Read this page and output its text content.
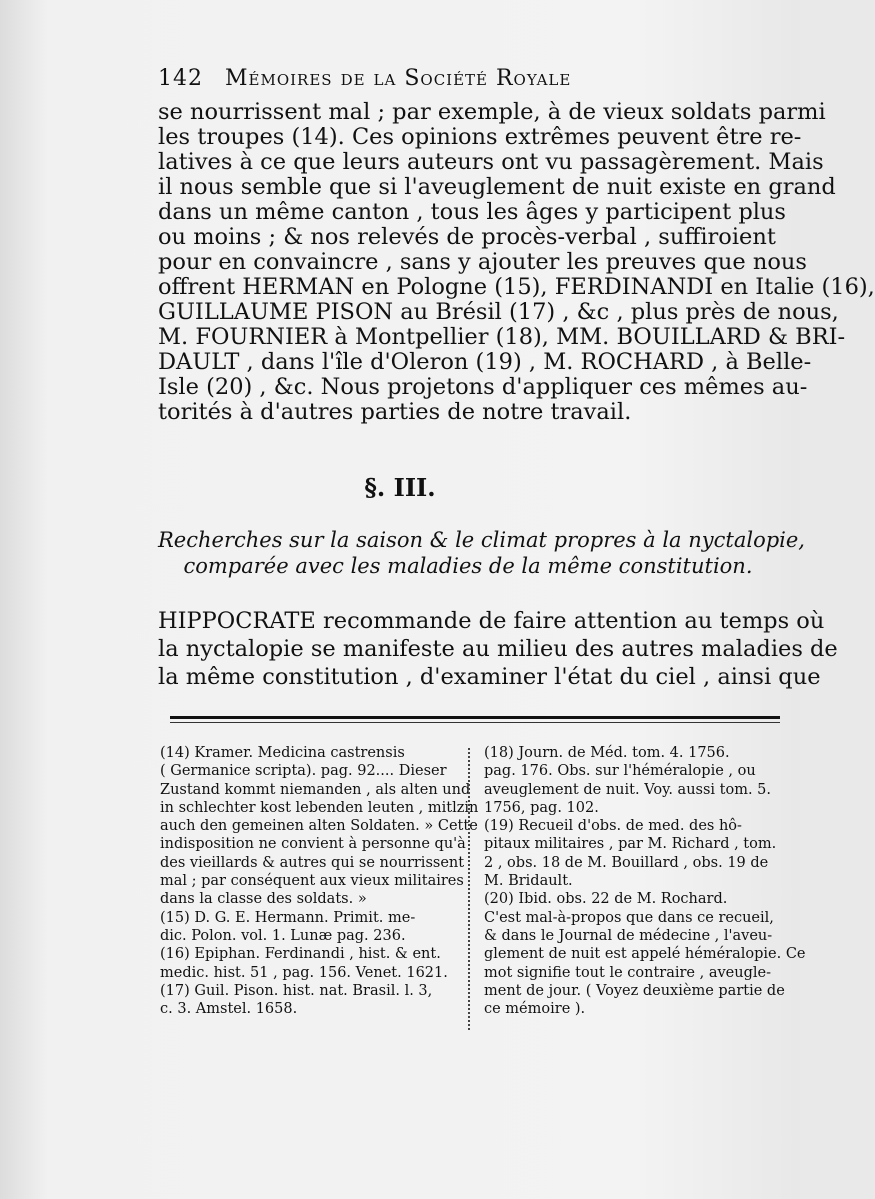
142 Mémoires de la Société Royale
se nourrissent mal ; par exemple, à de vieux soldats parmi
les troupes (14). Ces opinions extrêmes peuvent être re-
latives à ce que leurs auteurs ont vu passagèrement. Mais
il nous semble que si l'aveuglement de nuit existe en grand
dans un même canton , tous les âges y participent plus
ou moins ; & nos relevés de procès-verbal , suffiroient
pour en convaincre , sans y ajouter les preuves que nous
offrent HERMAN en Pologne (15), FERDINANDI en Italie (16),
GUILLAUME PISON au Brésil (17) , &c , plus près de nous,
M. FOURNIER à Montpellier (18), MM. BOUILLARD & BRI-
DAULT , dans l'île d'Oleron (19) , M. ROCHARD , à Belle-
Isle (20) , &c. Nous projetons d'appliquer ces mêmes au-
torités à d'autres parties de notre travail.
§. III.
Recherches sur la saison & le climat propres à la nyctalopie,
comparée avec les maladies de la même constitution.
HIPPOCRATE recommande de faire attention au temps où
la nyctalopie se manifeste au milieu des autres maladies de
la même constitution , d'examiner l'état du ciel , ainsi que
(14) Kramer. Medicina castrensis
( Germanice scripta). pag. 92.... Dieser
Zustand kommt niemanden , als alten und
in schlechter kost lebenden leuten , mitlzin
auch den gemeinen alten Soldaten. » Cette
indisposition ne convient à personne qu'à
des vieillards & autres qui se nourrissent
mal ; par conséquent aux vieux militaires
dans la classe des soldats. »
(15) D. G. E. Hermann. Primit. me-
dic. Polon. vol. 1. Lunæ pag. 236.
(16) Epiphan. Ferdinandi , hist. & ent.
medic. hist. 51 , pag. 156. Venet. 1621.
(17) Guil. Pison. hist. nat. Brasil. l. 3,
c. 3. Amstel. 1658.
(18) Journ. de Méd. tom. 4. 1756.
pag. 176. Obs. sur l'héméralopie , ou
aveuglement de nuit. Voy. aussi tom. 5.
1756, pag. 102.
(19) Recueil d'obs. de med. des hô-
pitaux militaires , par M. Richard , tom.
2 , obs. 18 de M. Bouillard , obs. 19 de
M. Bridault.
(20) Ibid. obs. 22 de M. Rochard.
C'est mal-à-propos que dans ce recueil,
& dans le Journal de médecine , l'aveu-
glement de nuit est appelé héméralopie. Ce
mot signifie tout le contraire , aveugle-
ment de jour. ( Voyez deuxième partie de
ce mémoire ).
